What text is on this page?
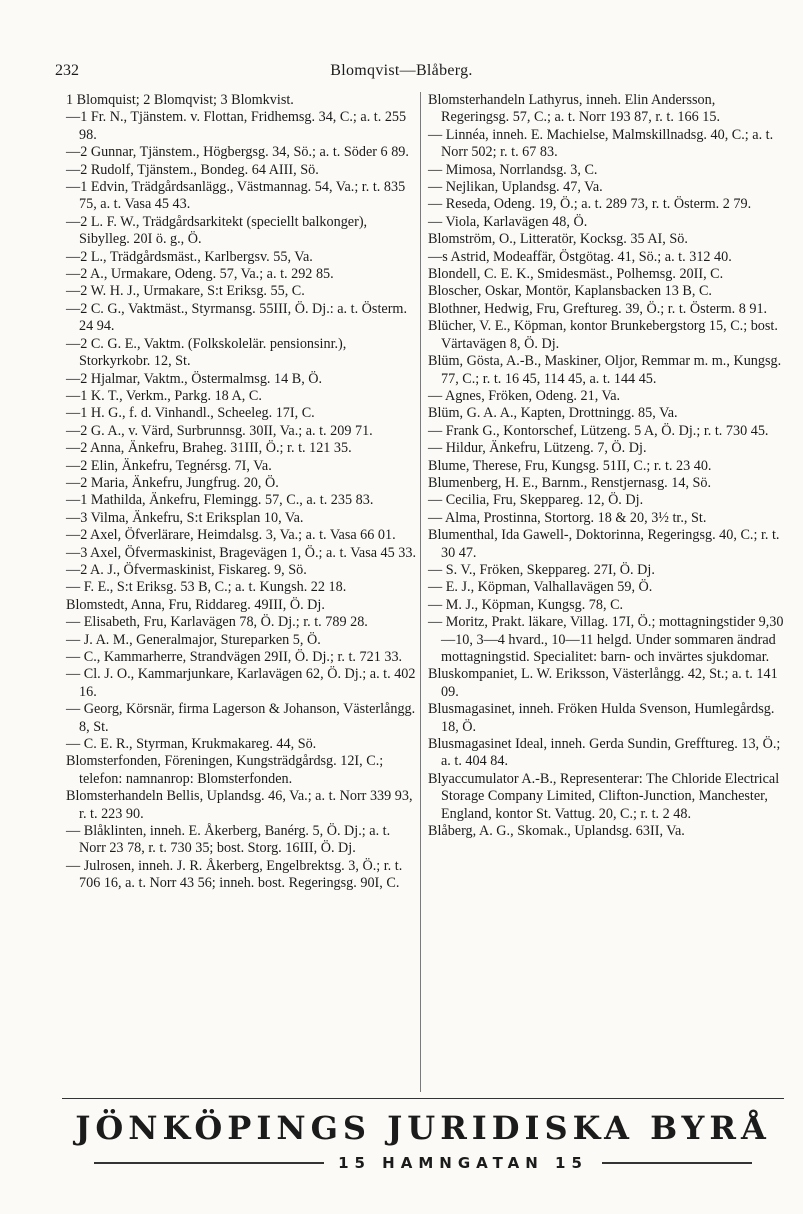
232	Blomqvist—Blåberg.

1 Blomquist; 2 Blomqvist; 3 Blomkvist.

—1 Fr. N., Tjänstem. v. Flottan, Fridhemsg. 34, C.; a. t. 255 98.

—2 Gunnar, Tjänstem., Högbergsg. 34, Sö.; a. t. Söder 6 89.

—2 Rudolf, Tjänstem., Bondeg. 64 AIII, Sö.

—1 Edvin, Trädgårdsanlägg., Västmannag. 54, Va.; r. t. 835 75, a. t. Vasa 45 43.

—2 L. F. W., Trädgårdsarkitekt (speciellt balkonger), Sibylleg. 20I ö. g., Ö.

—2 L., Trädgårdsmäst., Karlbergsv. 55, Va.

—2 A., Urmakare, Odeng. 57, Va.; a. t. 292 85.

—2 W. H. J., Urmakare, S:t Eriksg. 55, C.

—2 C. G., Vaktmäst., Styrmansg. 55III, Ö. Dj.: a. t. Österm. 24 94.

—2 C. G. E., Vaktm. (Folkskolelär. pensionsinr.), Storkyrkobr. 12, St.

—2 Hjalmar, Vaktm., Östermalmsg. 14 B, Ö.

—1 K. T., Verkm., Parkg. 18 A, C.

—1 H. G., f. d. Vinhandl., Scheeleg. 17I, C.

—2 G. A., v. Värd, Surbrunnsg. 30II, Va.; a. t. 209 71.

—2 Anna, Änkefru, Braheg. 31III, Ö.; r. t. 121 35.

—2 Elin, Änkefru, Tegnérsg. 7I, Va.

—2 Maria, Änkefru, Jungfrug. 20, Ö.

—1 Mathilda, Änkefru, Flemingg. 57, C., a. t. 235 83.

—3 Vilma, Änkefru, S:t Eriksplan 10, Va.

—2 Axel, Öfverlärare, Heimdalsg. 3, Va.; a. t. Vasa 66 01.

—3 Axel, Öfvermaskinist, Bragevägen 1, Ö.; a. t. Vasa 45 33.

—2 A. J., Öfvermaskinist, Fiskareg. 9, Sö.

— F. E., S:t Eriksg. 53 B, C.; a. t. Kungsh. 22 18.

Blomstedt, Anna, Fru, Riddareg. 49III, Ö. Dj.

— Elisabeth, Fru, Karlavägen 78, Ö. Dj.; r. t. 789 28.

— J. A. M., Generalmajor, Stureparken 5, Ö.

— C., Kammarherre, Strandvägen 29II, Ö. Dj.; r. t. 721 33.

— Cl. J. O., Kammarjunkare, Karlavägen 62, Ö. Dj.; a. t. 402 16.

— Georg, Körsnär, firma Lagerson & Johanson, Västerlångg. 8, St.

— C. E. R., Styrman, Krukmakareg. 44, Sö.

Blomsterfonden, Föreningen, Kungsträdgårdsg. 12I, C.; telefon: namnanrop: Blomsterfonden.

Blomsterhandeln Bellis, Uplandsg. 46, Va.; a. t. Norr 339 93, r. t. 223 90.

— Blåklinten, inneh. E. Åkerberg, Banérg. 5, Ö. Dj.; a. t. Norr 23 78, r. t. 730 35; bost. Storg. 16III, Ö. Dj.

— Julrosen, inneh. J. R. Åkerberg, Engelbrektsg. 3, Ö.; r. t. 706 16, a. t. Norr 43 56; inneh. bost. Regeringsg. 90I, C.

Blomsterhandeln Lathyrus, inneh. Elin Andersson, Regeringsg. 57, C.; a. t. Norr 193 87, r. t. 166 15.

— Linnéa, inneh. E. Machielse, Malmskillnadsg. 40, C.; a. t. Norr 502; r. t. 67 83.

— Mimosa, Norrlandsg. 3, C.

— Nejlikan, Uplandsg. 47, Va.

— Reseda, Odeng. 19, Ö.; a. t. 289 73, r. t. Österm. 2 79.

— Viola, Karlavägen 48, Ö.

Blomström, O., Litteratör, Kocksg. 35 AI, Sö.

—s Astrid, Modeaffär, Östgötag. 41, Sö.; a. t. 312 40.

Blondell, C. E. K., Smidesmäst., Polhemsg. 20II, C.

Bloscher, Oskar, Montör, Kaplansbacken 13 B, C.

Blothner, Hedwig, Fru, Greftureg. 39, Ö.; r. t. Österm. 8 91.

Blücher, V. E., Köpman, kontor Brunkebergstorg 15, C.; bost. Värtavägen 8, Ö. Dj.

Blüm, Gösta, A.-B., Maskiner, Oljor, Remmar m. m., Kungsg. 77, C.; r. t. 16 45, 114 45, a. t. 144 45.

— Agnes, Fröken, Odeng. 21, Va.

Blüm, G. A. A., Kapten, Drottningg. 85, Va.

— Frank G., Kontorschef, Lützeng. 5 A, Ö. Dj.; r. t. 730 45.

— Hildur, Änkefru, Lützeng. 7, Ö. Dj.

Blume, Therese, Fru, Kungsg. 51II, C.; r. t. 23 40.

Blumenberg, H. E., Barnm., Renstjernasg. 14, Sö.

— Cecilia, Fru, Skeppareg. 12, Ö. Dj.

— Alma, Prostinna, Stortorg. 18 & 20, 3½ tr., St.

Blumenthal, Ida Gawell-, Doktorinna, Regeringsg. 40, C.; r. t. 30 47.

— S. V., Fröken, Skeppareg. 27I, Ö. Dj.

— E. J., Köpman, Valhallavägen 59, Ö.

— M. J., Köpman, Kungsg. 78, C.

— Moritz, Prakt. läkare, Villag. 17I, Ö.; mottagningstider 9,30—10, 3—4 hvard., 10—11 helgd. Under sommaren ändrad mottagningstid. Specialitet: barn- och invärtes sjukdomar.

Bluskompaniet, L. W. Eriksson, Västerlångg. 42, St.; a. t. 141 09.

Blusmagasinet, inneh. Fröken Hulda Svenson, Humlegårdsg. 18, Ö.

Blusmagasinet Ideal, inneh. Gerda Sundin, Grefftureg. 13, Ö.; a. t. 404 84.

Blyaccumulator A.-B., Representerar: The Chloride Electrical Storage Company Limited, Clifton-Junction, Manchester, England, kontor St. Vattug. 20, C.; r. t. 2 48.

Blåberg, A. G., Skomak., Uplandsg. 63II, Va.

JÖNKÖPINGS JURIDISKA BYRÅ
15 HAMNGATAN 15
